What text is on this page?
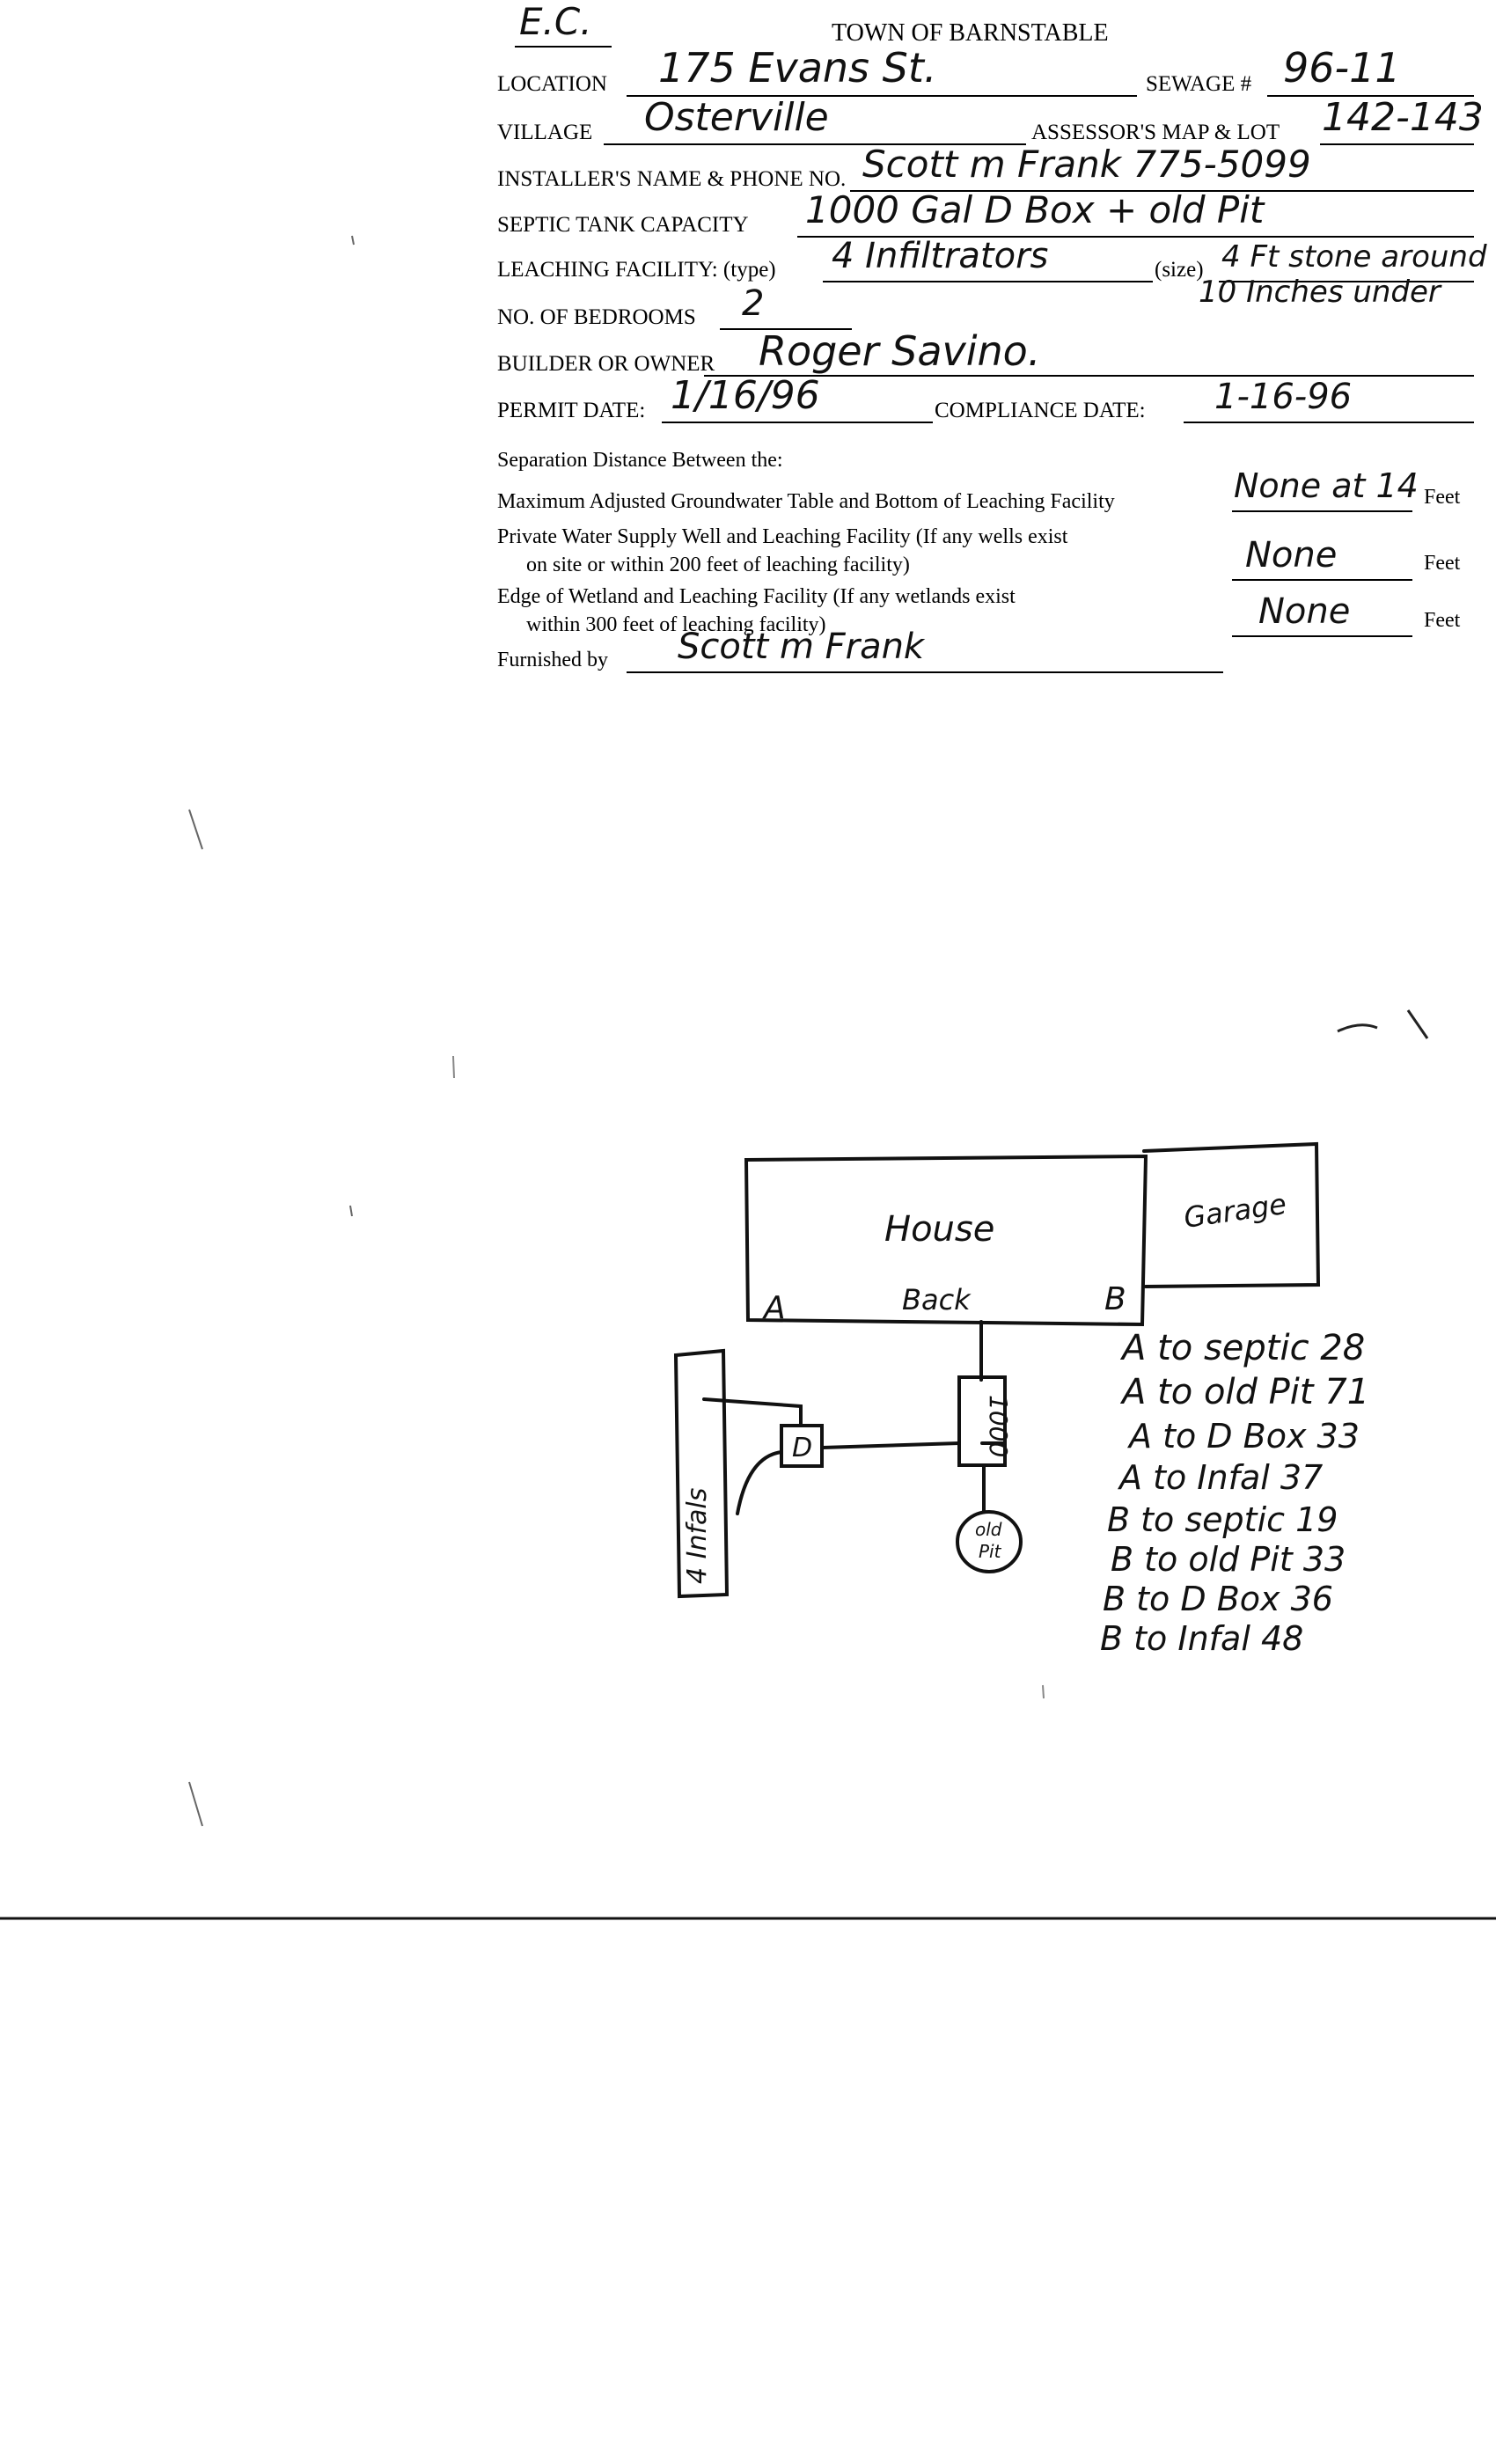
E.C.	TOWN OF BARNSTABLE
LOCATION 175 Evans St.	SEWAGE # 96-11
VILLAGE Osterville	ASSESSOR'S MAP & LOT 142-143
INSTALLER'S NAME & PHONE NO. Scott m Frank 775-5099
SEPTIC TANK CAPACITY 1000 Gal D Box + old Pit
LEACHING FACILITY: (type) 4 Infiltrators	(size) 4 Ft stone around
10 Inches under
NO. OF BEDROOMS 2
BUILDER OR OWNER Roger Savino.
PERMIT DATE: 1/16/96	COMPLIANCE DATE: 1-16-96
Separation Distance Between the:
Maximum Adjusted Groundwater Table and Bottom of Leaching Facility	None at 14 Feet
Private Water Supply Well and Leaching Facility (If any wells exist
on site or within 200 feet of leaching facility)	None	Feet
Edge of Wetland and Leaching Facility (If any wetlands exist
within 300 feet of leaching facility)	None	Feet
Furnished by Scott m Frank
House	Garage
Back
A	B
1000
D
old
Pit
4 Infals
A to septic 28
A to old Pit 71
A to D Box 33
A to Infal 37
B to septic 19
B to old Pit 33
B to D Box 36
B to Infal 48
